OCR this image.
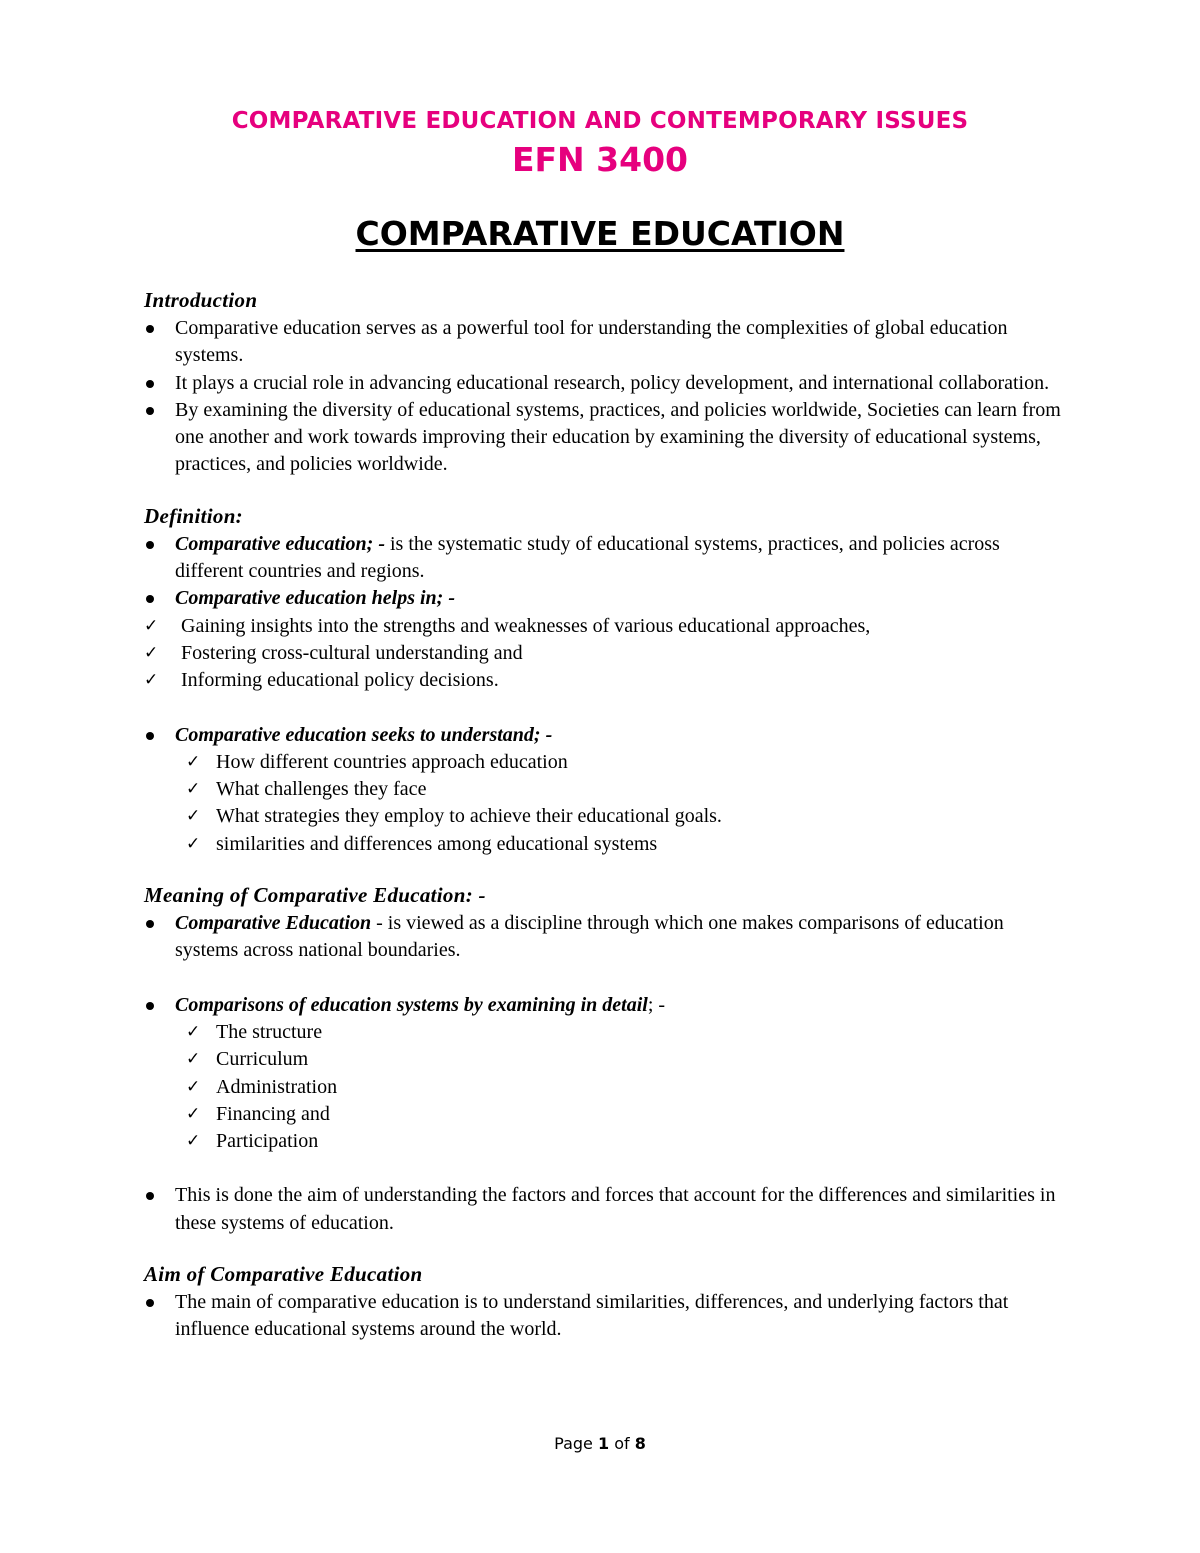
COMPARATIVE EDUCATION AND CONTEMPORARY ISSUES
EFN 3400
COMPARATIVE EDUCATION

Introduction

Comparative education serves as a powerful tool for understanding the complexities of global education systems.
It plays a crucial role in advancing educational research, policy development, and international collaboration.
By examining the diversity of educational systems, practices, and policies worldwide, Societies can learn from one another and work towards improving their education by examining the diversity of educational systems, practices, and policies worldwide.

Definition:

Comparative education; - is the systematic study of educational systems, practices, and policies across different countries and regions.
Comparative education helps in; -
✓ Gaining insights into the strengths and weaknesses of various educational approaches,
✓ Fostering cross-cultural understanding and
✓ Informing educational policy decisions.
Comparative education seeks to understand; -
✓ How different countries approach education
✓ What challenges they face
✓ What strategies they employ to achieve their educational goals.
✓ similarities and differences among educational systems

Meaning of Comparative Education: -

Comparative Education - is viewed as a discipline through which one makes comparisons of education systems across national boundaries.
Comparisons of education systems by examining in detail; -
✓ The structure
✓ Curriculum
✓ Administration
✓ Financing and
✓ Participation
This is done the aim of understanding the factors and forces that account for the differences and similarities in these systems of education.

Aim of Comparative Education

The main of comparative education is to understand similarities, differences, and underlying factors that influence educational systems around the world.
Page 1 of 8
